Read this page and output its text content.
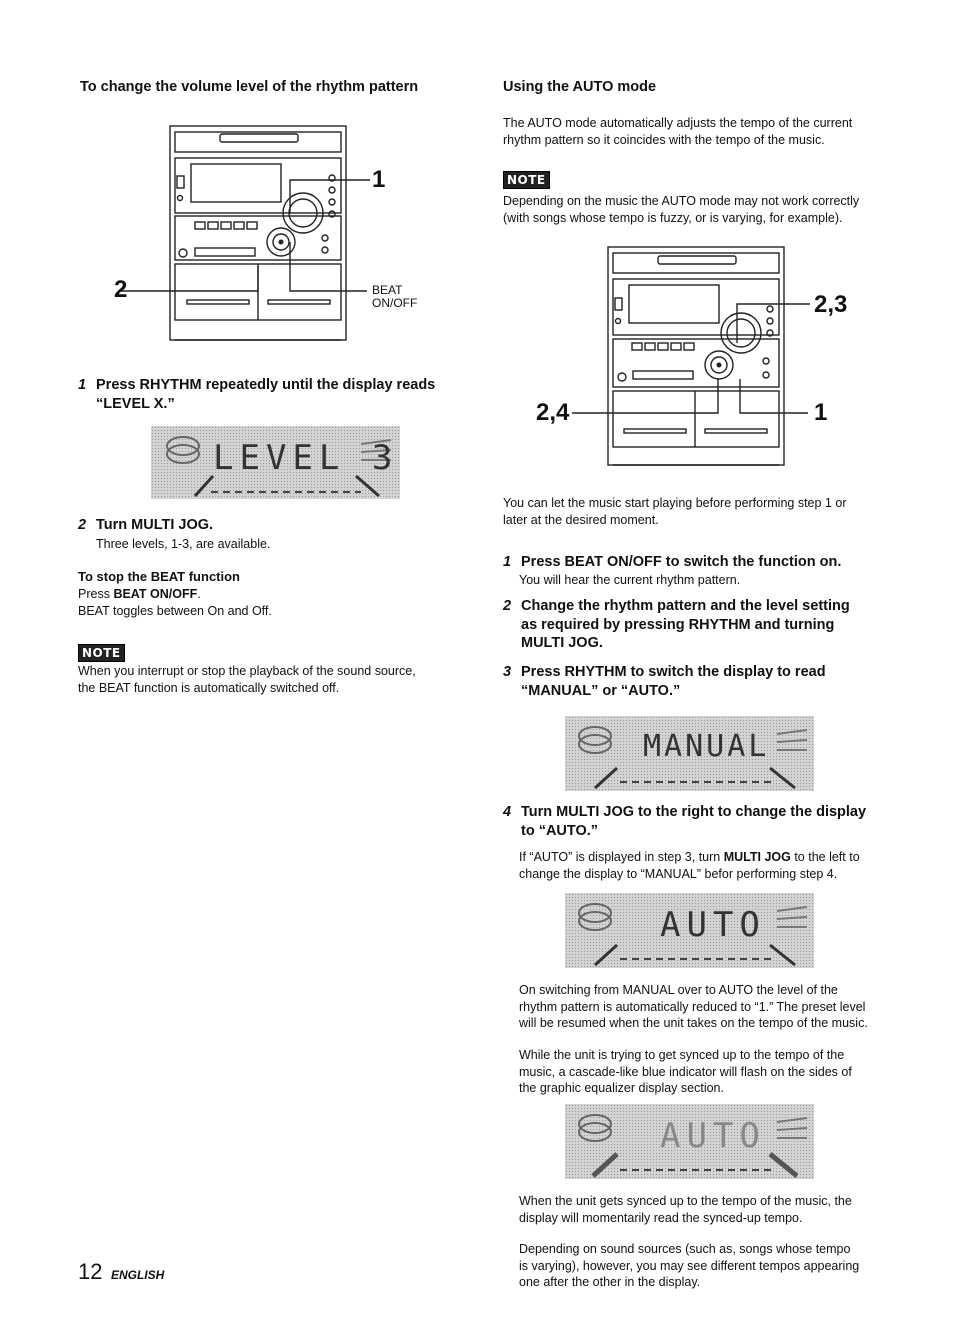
To change the volume level of the rhythm pattern
1
2	BEAT
ON/OFF
1 Press RHYTHM repeatedly until the display reads
“LEVEL X.”
LEVEL 3
2 Turn MULTI JOG.
Three levels, 1-3, are available.
To stop the BEAT function
Press BEAT ON/OFF.
BEAT toggles between On and Off.
NOTE
When you interrupt or stop the playback of the sound source,
the BEAT function is automatically switched off.
Using the AUTO mode
The AUTO mode automatically adjusts the tempo of the current
rhythm pattern so it coincides with the tempo of the music.
NOTE
Depending on the music the AUTO mode may not work correctly
(with songs whose tempo is fuzzy, or is varying, for example).
2,3
2,4	1
You can let the music start playing before performing step 1 or
later at the desired moment.
1 Press BEAT ON/OFF to switch the function on.
You will hear the current rhythm pattern.
2 Change the rhythm pattern and the level setting
as required by pressing RHYTHM and turning
MULTI JOG.
3 Press RHYTHM to switch the display to read
“MANUAL” or “AUTO.”
MANUAL
4 Turn MULTI JOG to the right to change the display
to “AUTO.”
If “AUTO” is displayed in step 3, turn MULTI JOG to the left to
change the display to “MANUAL” befor performing step 4.
AUTO
On switching from MANUAL over to AUTO the level of the
rhythm pattern is automatically reduced to “1.” The preset level
will be resumed when the unit takes on the tempo of the music.
While the unit is trying to get synced up to the tempo of the
music, a cascade-like blue indicator will flash on the sides of
the graphic equalizer display section.
AUTO
When the unit gets synced up to the tempo of the music, the
display will momentarily read the synced-up tempo.
Depending on sound sources (such as, songs whose tempo
is varying), however, you may see different tempos appearing
one after the other in the display.
12 ENGLISH
